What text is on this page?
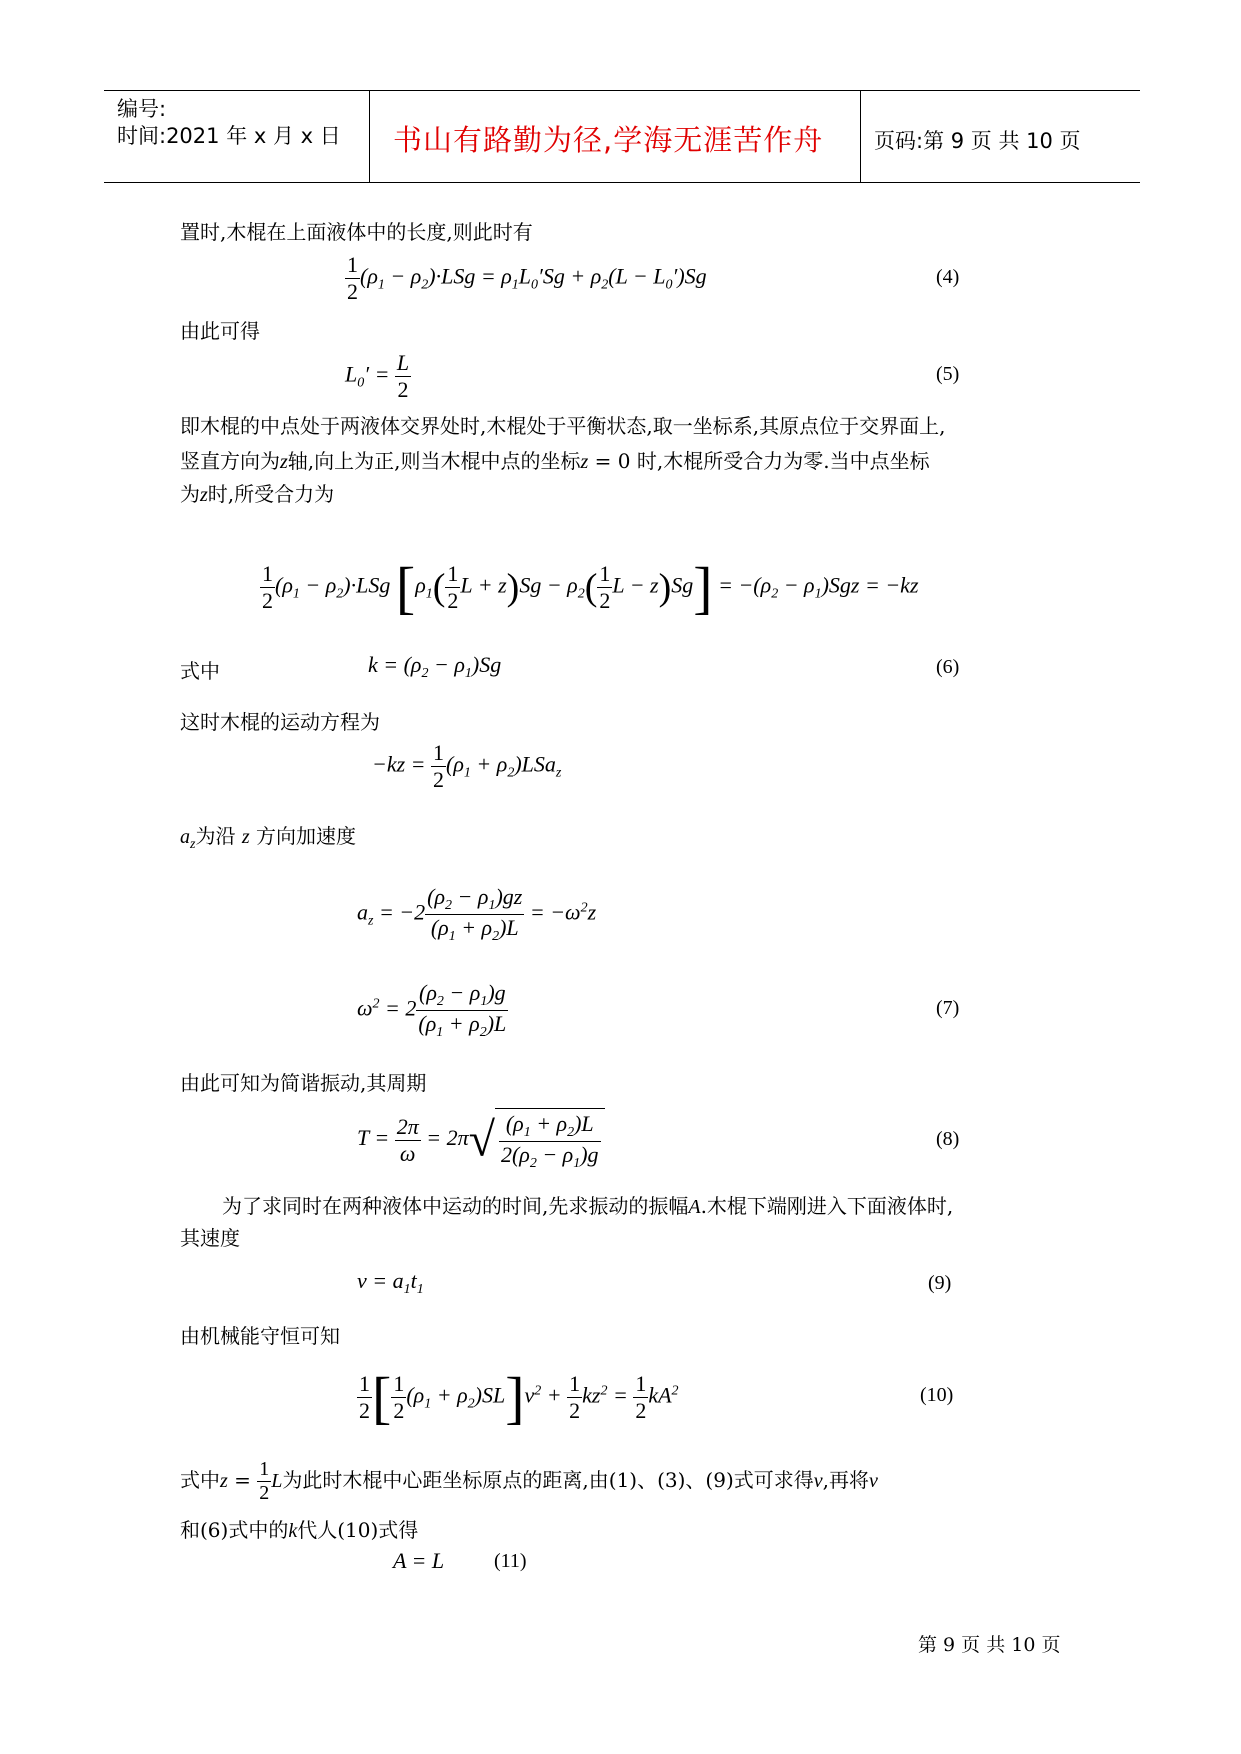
编号:
时间:2021 年 x 月 x 日 书山有路勤为径,学海无涯苦作舟 页码:第 9 页 共 10 页
置时,木棍在上面液体中的长度,则此时有
$\frac{1}{2} (\rho_1 - \rho_2)\cdot LSg = \rho_1L_0'Sg + \rho_2(L - L_0')Sg$	(4)
由此可得
$L_0' = \frac{L}{2}$	(5)
即木棍的中点处于两液体交界处时,木棍处于平衡状态,取一坐标系,其原点位于交界面上,
竖直方向为z轴,向上为正,则当木棍中点的坐标z = 0 时,木棍所受合力为零.当中点坐标
为z时,所受合力为
$\frac{1}{2} (\rho_1 - \rho_2)\cdot LSg$ [$\rho_1( \frac{1}{2}$ $L + z)Sg - \rho_2( \frac{1}{2}$ $L - z)Sg] = -(\rho_2 - \rho_1)Sgz = -kz$
式中	$k = (\rho_2 - \rho_1)Sg$	(6)
这时木棍的运动方程为
$-kz = \frac{1}{2} (\rho_1 + \rho_2)LSa_z$
$a_z$为沿 z 方向加速度
$a_z = -2 \frac{(\rho_2 - \rho_1)gz}{(\rho_1 + \rho_2)L} = -\omega^2z$
$\omega^2 = 2 \frac{(\rho_2 - \rho_1)g}{(\rho_1 + \rho_2)L}$	(7)
由此可知为简谐振动,其周期
$T = \frac{2\pi}{\omega} = 2\pi√ \frac{(\rho_1 + \rho_2)L}{2(\rho_2 - \rho_1)g}$	(8)
为了求同时在两种液体中运动的时间,先求振动的振幅A.木棍下端刚进入下面液体时,
其速度
$v = a_1t_1$	(9)
由机械能守恒可知
$\frac{1}{2}$ [ $\frac{1}{2} (\rho_1 + \rho_2)SL]v^2 + \frac{1}{2} kz^2 = \frac{1}{2} kA^2$	(10)
式中$z = \frac{1}{2}$ L为此时木棍中心距坐标原点的距离,由(1)、(3)、(9)式可求得v,再将v
和(6)式中的k代人(10)式得
A = L (11)
第 9 页 共 10 页
